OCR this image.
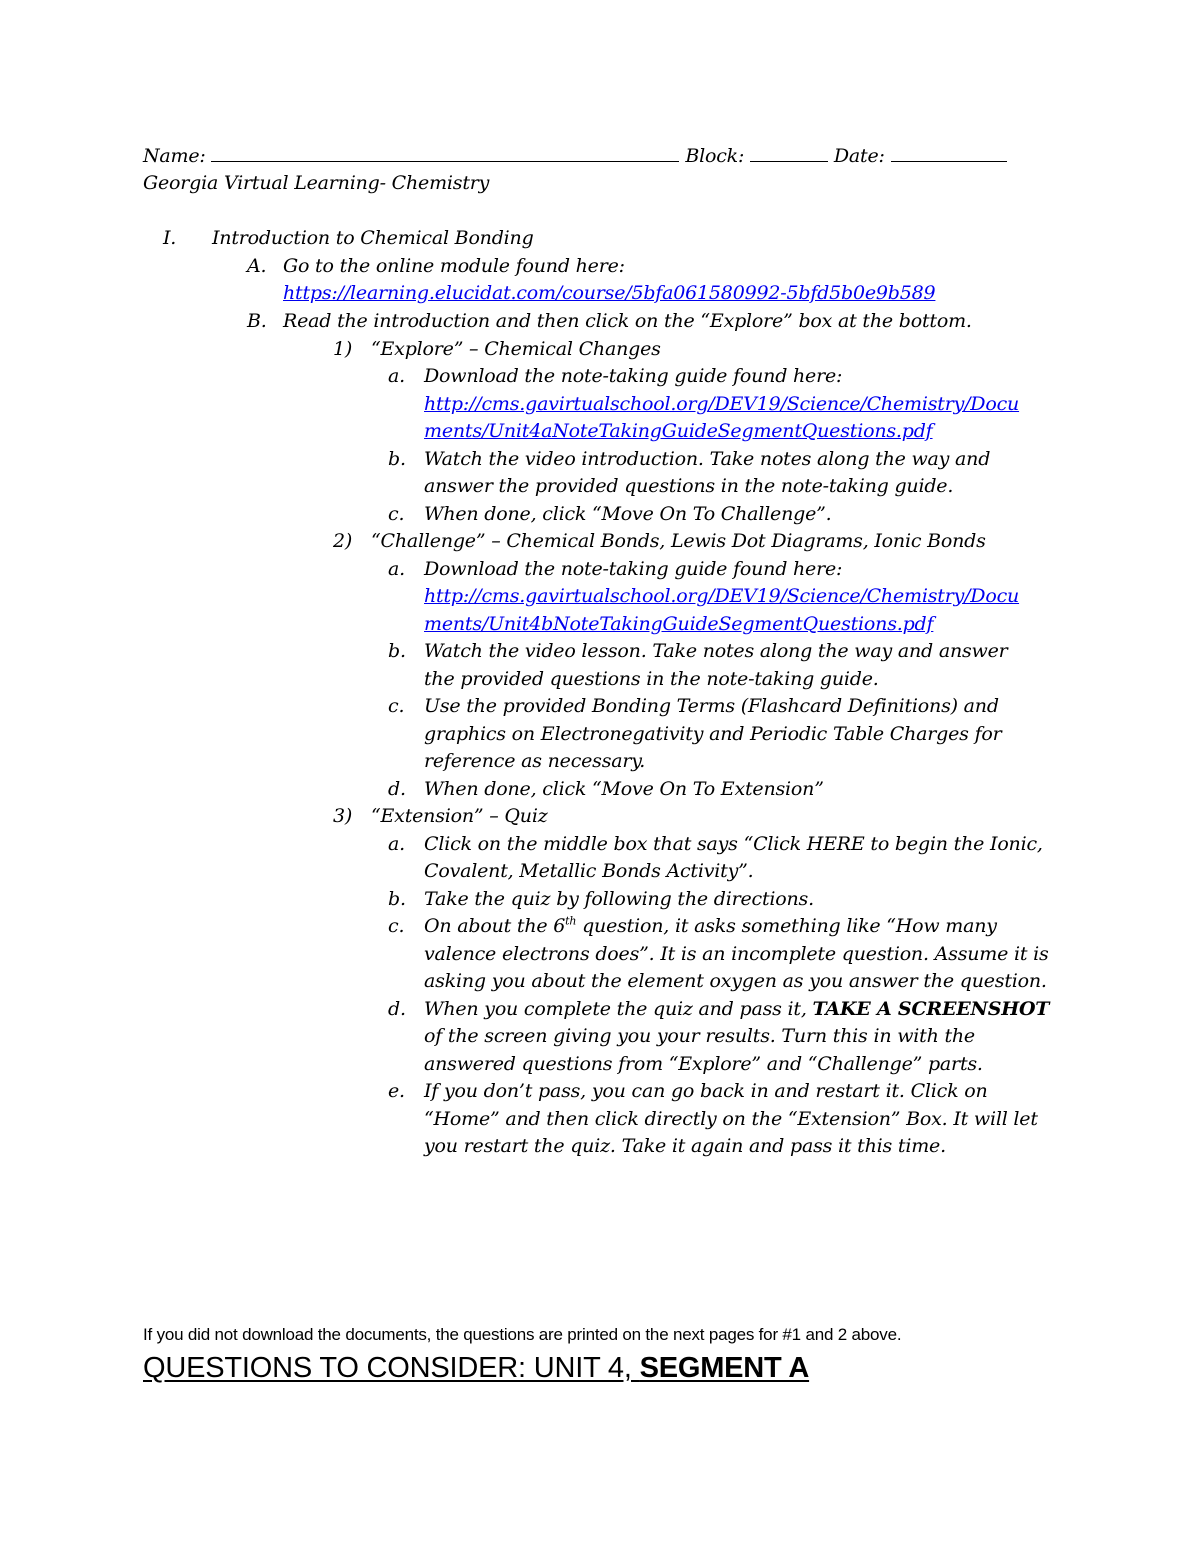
Name:	Block:	Date:
Georgia Virtual Learning- Chemistry
I. Introduction to Chemical Bonding
A. Go to the online module found here:
https://learning.elucidat.com/course/5bfa061580992-5bfd5b0e9b589
B. Read the introduction and then click on the “Explore” box at the bottom.
1) “Explore” – Chemical Changes
a. Download the note-taking guide found here:
http://cms.gavirtualschool.org/DEV19/Science/Chemistry/Docu
ments/Unit4aNoteTakingGuideSegmentQuestions.pdf
b. Watch the video introduction. Take notes along the way and
answer the provided questions in the note-taking guide.
c. When done, click “Move On To Challenge”.
2) “Challenge” – Chemical Bonds, Lewis Dot Diagrams, Ionic Bonds
a. Download the note-taking guide found here:
http://cms.gavirtualschool.org/DEV19/Science/Chemistry/Docu
ments/Unit4bNoteTakingGuideSegmentQuestions.pdf
b. Watch the video lesson. Take notes along the way and answer
the provided questions in the note-taking guide.
c. Use the provided Bonding Terms (Flashcard Definitions) and
graphics on Electronegativity and Periodic Table Charges for
reference as necessary.
d. When done, click “Move On To Extension”
3) “Extension” – Quiz
a. Click on the middle box that says “Click HERE to begin the Ionic,
Covalent, Metallic Bonds Activity”.
b. Take the quiz by following the directions.
c. On about the 6th question, it asks something like “How many
valence electrons does”. It is an incomplete question. Assume it is
asking you about the element oxygen as you answer the question.
d. When you complete the quiz and pass it, TAKE A SCREENSHOT
of the screen giving you your results. Turn this in with the
answered questions from “Explore” and “Challenge” parts.
e. If you don’t pass, you can go back in and restart it. Click on
“Home” and then click directly on the “Extension” Box. It will let
you restart the quiz. Take it again and pass it this time.
If you did not download the documents, the questions are printed on the next pages for #1 and 2 above.
QUESTIONS TO CONSIDER: UNIT 4, SEGMENT A
